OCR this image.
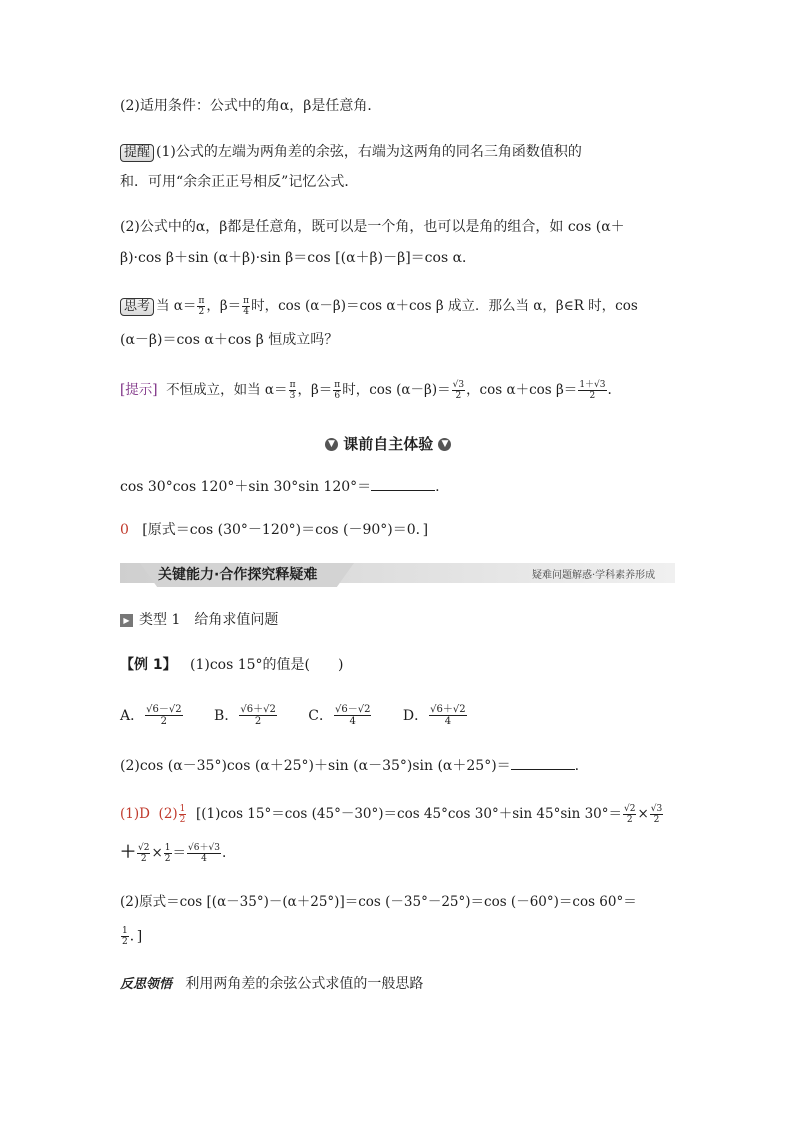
(2)适用条件：公式中的角α，β是任意角．
提醒 (1)公式的左端为两角差的余弦，右端为这两角的同名三角函数值积的
和．可用“余余正正号相反”记忆公式．
(2)公式中的α，β都是任意角，既可以是一个角，也可以是角的组合，如 cos (α＋
β)·cos β＋sin (α＋β)·sin β＝cos [(α＋β)－β]＝cos α．
思考 当 $\alpha= \frac{\pi}{2}$ ，$\beta= \frac{\pi}{4}$ 时，cos (α－β)＝cos α＋cos β 成立．那么当 α，β∈R 时，cos
(α－β)＝cos α＋cos β 恒成立吗？
[提示] 不恒成立，如当 $\alpha= \frac{\pi}{3}$ ，$\beta= \frac{\pi}{6}$ 时，$\cos (\alpha-\beta)= \frac{√3}{2}$ ，cos α＋cos $\beta= \frac{1+√3}{2}$ .
▼ 课前自主体验 ▼
cos 30°cos 120°＋sin 30°sin 120°＝	.
0 [原式＝cos (30°－120°)＝cos (－90°)＝0．]
关键能力·合作探究释疑难	疑难问题解惑·学科素养形成
▶ 类型 1　给角求值问题
【例 1】 (1)cos 15°的值是(　　)
A． $\frac{√6-√2}{2}$ B． $\frac{√6+√2}{2}$ C． $\frac{√6-√2}{4}$ D． $\frac{√6+√2}{4}$
(2)cos (α－35°)cos (α＋25°)＋sin (α－35°)sin (α＋25°)＝	.
(1)D $(2) \frac{1}{2} [(1)\cos$ 15°＝cos (45°－30°)＝cos 45°cos 30°＋sin 45°sin $30^\circ= \frac{√2}{2} \times \frac{√3}{2}$
＋ $\frac{√2}{2} \times \frac{1}{2} = \frac{√6+√3}{4}$ .
(2)原式＝cos [(α－35°)－(α＋25°)]＝cos (－35°－25°)＝cos (－60°)＝cos 60°＝
$\frac{1}{2}$ ．]
反思领悟 利用两角差的余弦公式求值的一般思路
